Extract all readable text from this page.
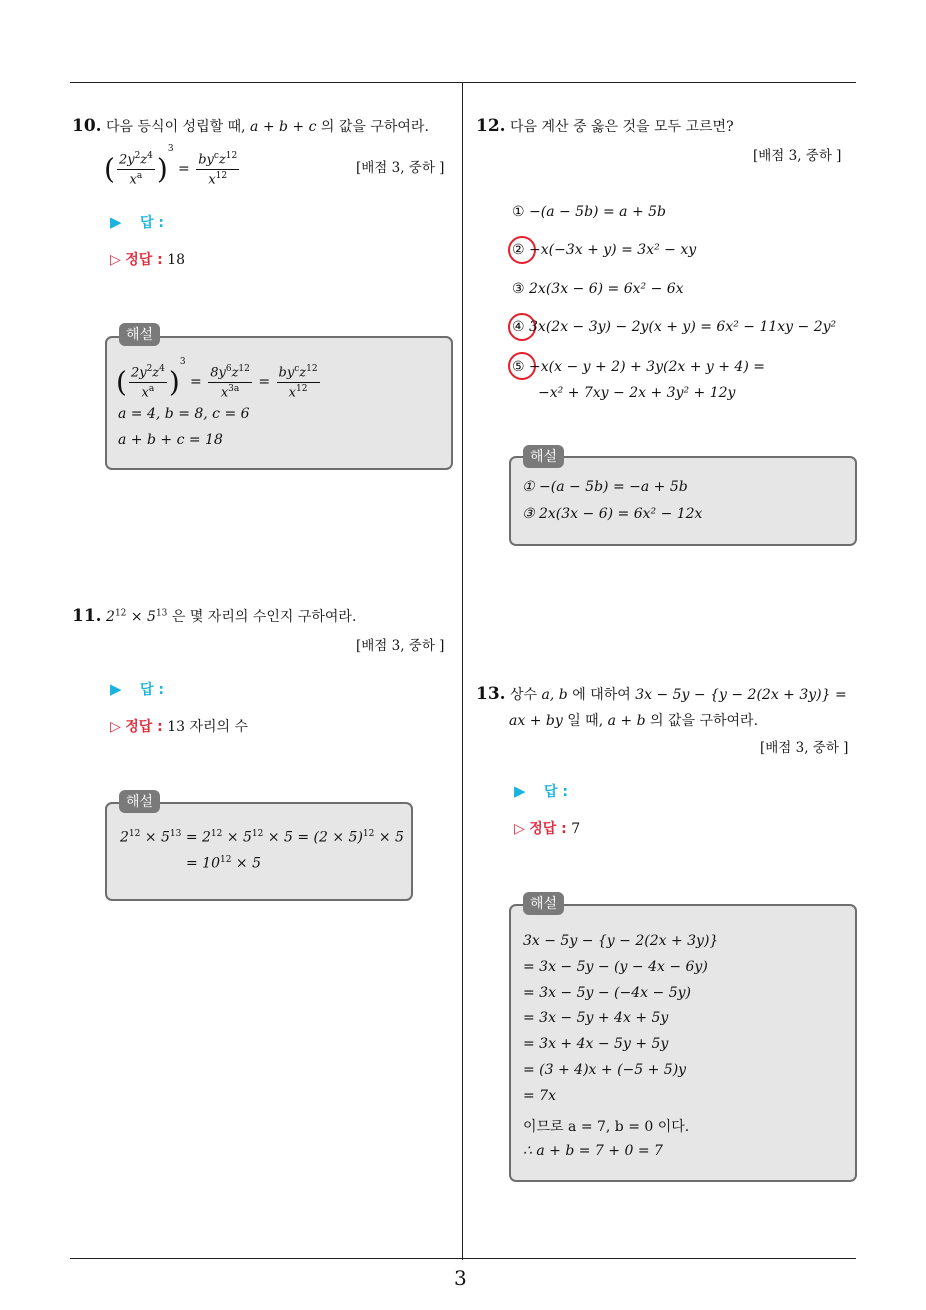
10. 다음 등식이 성립할 때, a + b + c 의 값을 구하여라.
( $\frac{2y^2z^4}{x^a} )^3 = \frac{by^cz^{12}}{x^{12}}$	[배점 3, 중하 ]
▶ 답 :
▷ 정답 : 18
해설
( $\frac{2y^2z^4}{x^a} )^3 = \frac{8y^6z^{12}}{x^{3a}} = \frac{by^cz^{12}}{x^{12}}$
a = 4, b = 8, c = 6
a + b + c = 18
11. $2^{12} \times 5^{13}$ 은 몇 자리의 수인지 구하여라.
[배점 3, 중하 ]
▶ 답 :
▷ 정답 : 13 자리의 수
해설
$2^{12} \times 5^{13} = 2^{12} \times 5^{12} \times 5 = (2 \times 5)^{12} \times 5$
= $10^{12} \times 5$
12. 다음 계산 중 옳은 것을 모두 고르면?
[배점 3, 중하 ]
① −(a − 5b) = a + 5b
② −x(−3x + y) = 3x² − xy
③ 2x(3x − 6) = 6x² − 6x
④ 3x(2x − 3y) − 2y(x + y) = 6x² − 11xy − 2y²
⑤ −x(x − y + 2) + 3y(2x + y + 4) =
−x² + 7xy − 2x + 3y² + 12y
해설
① −(a − 5b) = −a + 5b
③ 2x(3x − 6) = 6x² − 12x
13. 상수 a, b 에 대하여 3x − 5y − {y − 2(2x + 3y)} =
ax + by 일 때, a + b 의 값을 구하여라.
[배점 3, 중하 ]
▶ 답 :
▷ 정답 : 7
해설
3x − 5y − {y − 2(2x + 3y)}
= 3x − 5y − (y − 4x − 6y)
= 3x − 5y − (−4x − 5y)
= 3x − 5y + 4x + 5y
= 3x + 4x − 5y + 5y
= (3 + 4)x + (−5 + 5)y
= 7x
이므로 a = 7, b = 0 이다.
∴ a + b = 7 + 0 = 7
3
